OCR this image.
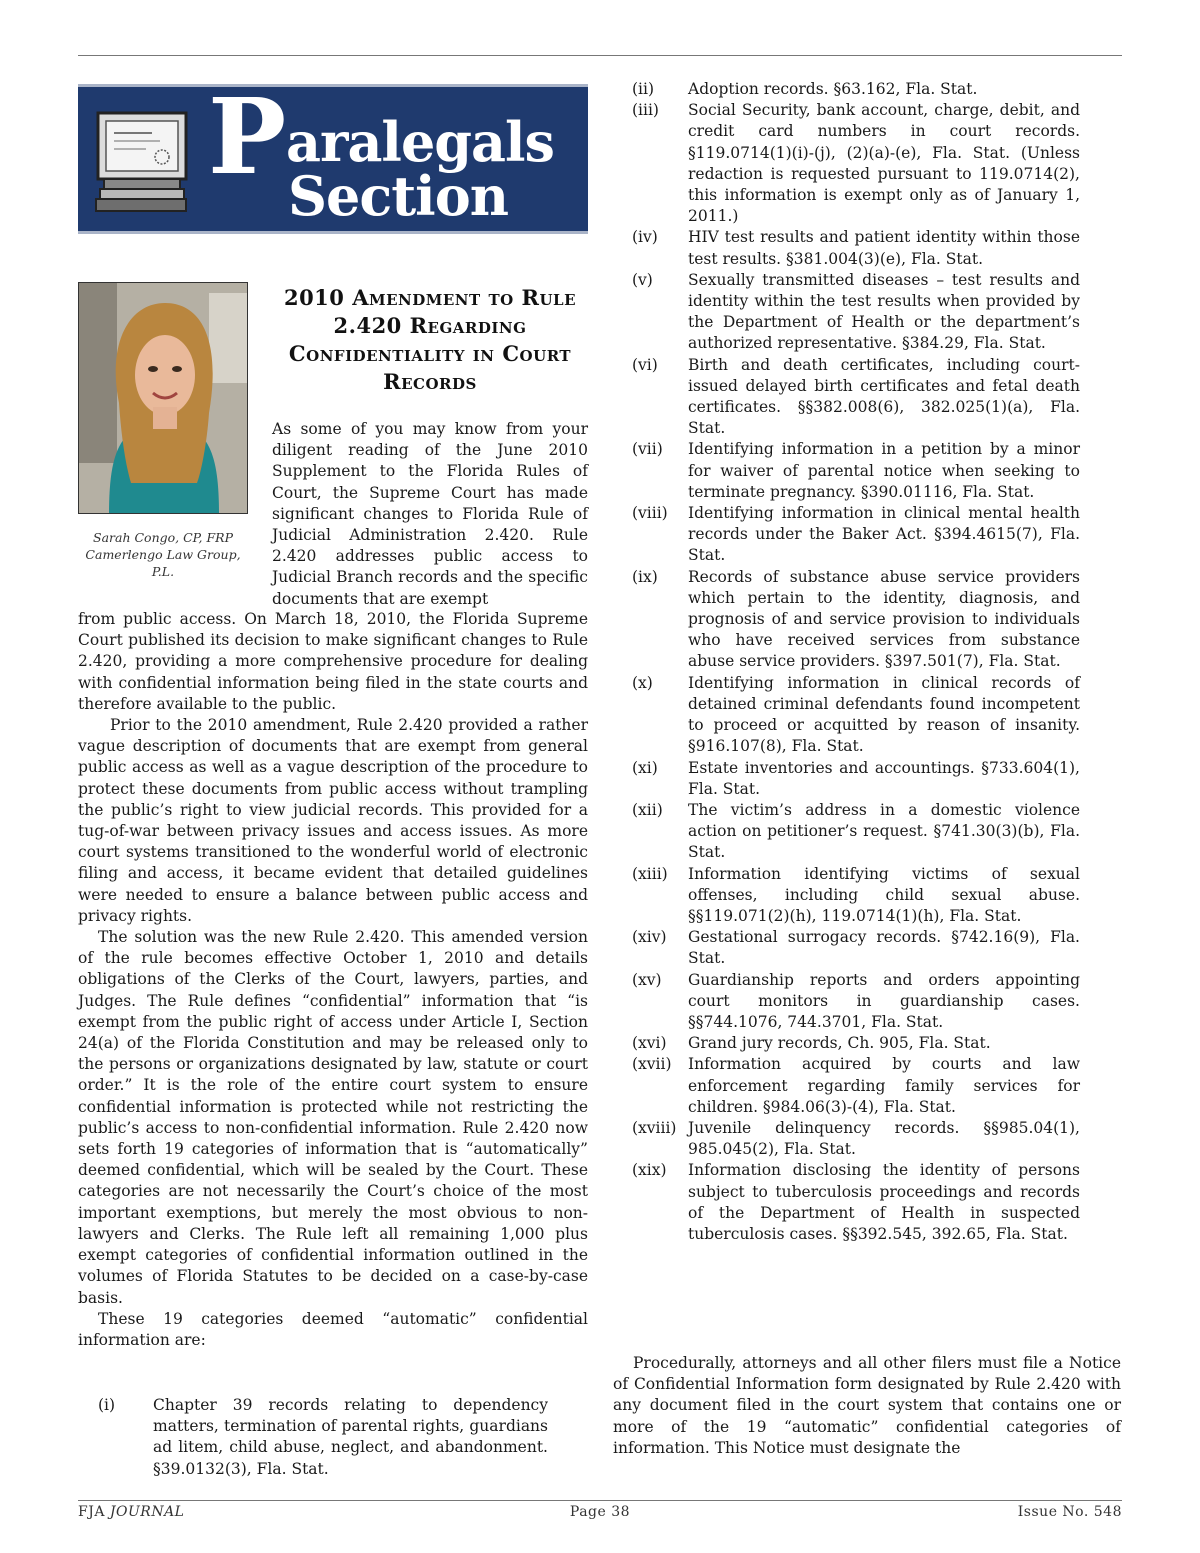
P aralegals
Section
Sarah Congo, CP, FRP
Camerlengo Law Group, P.L.
2010 Amendment to Rule
2.420 Regarding
Confidentiality in Court
Records

As some of you may know from your diligent reading of the June 2010 Supplement to the Florida Rules of Court, the Supreme Court has made significant changes to Florida Rule of Judicial Administration 2.420. Rule 2.420 addresses public access to Judicial Branch records and the specific documents that are exempt

from public access. On March 18, 2010, the Florida Supreme Court published its decision to make significant changes to Rule 2.420, providing a more comprehensive procedure for dealing with confidential information being filed in the state courts and therefore available to the public.

Prior to the 2010 amendment, Rule 2.420 provided a rather vague description of documents that are exempt from general public access as well as a vague description of the procedure to protect these documents from public access without trampling the public’s right to view judicial records. This provided for a tug-of-war between privacy issues and access issues. As more court systems transitioned to the wonderful world of electronic filing and access, it became evident that detailed guidelines were needed to ensure a balance between public access and privacy rights.

The solution was the new Rule 2.420. This amended version of the rule becomes effective October 1, 2010 and details obligations of the Clerks of the Court, lawyers, parties, and Judges. The Rule defines “confidential” information that “is exempt from the public right of access under Article I, Section 24(a) of the Florida Constitution and may be released only to the persons or organizations designated by law, statute or court order.” It is the role of the entire court system to ensure confidential information is protected while not restricting the public’s access to non-confidential information. Rule 2.420 now sets forth 19 categories of information that is “automatically” deemed confidential, which will be sealed by the Court. These categories are not necessarily the Court’s choice of the most important exemptions, but merely the most obvious to non-lawyers and Clerks. The Rule left all remaining 1,000 plus exempt categories of confidential information outlined in the volumes of Florida Statutes to be decided on a case-by-case basis.

These 19 categories deemed “automatic” confidential information are:

(i) Chapter 39 records relating to dependency matters, termination of parental rights, guardians ad litem, child abuse, neglect, and abandonment. §39.0132(3), Fla. Stat.
(ii) Adoption records. §63.162, Fla. Stat.
(iii) Social Security, bank account, charge, debit, and credit card numbers in court records. §119.0714(1)(i)-(j), (2)(a)-(e), Fla. Stat. (Unless redaction is requested pursuant to 119.0714(2), this information is exempt only as of January 1, 2011.)
(iv) HIV test results and patient identity within those test results. §381.004(3)(e), Fla. Stat.
(v) Sexually transmitted diseases – test results and identity within the test results when provided by the Department of Health or the department’s authorized representative. §384.29, Fla. Stat.
(vi) Birth and death certificates, including court-issued delayed birth certificates and fetal death certificates. §§382.008(6), 382.025(1)(a), Fla. Stat.
(vii) Identifying information in a petition by a minor for waiver of parental notice when seeking to terminate pregnancy. §390.01116, Fla. Stat.
(viii) Identifying information in clinical mental health records under the Baker Act. §394.4615(7), Fla. Stat.
(ix) Records of substance abuse service providers which pertain to the identity, diagnosis, and prognosis of and service provision to individuals who have received services from substance abuse service providers. §397.501(7), Fla. Stat.
(x) Identifying information in clinical records of detained criminal defendants found incompetent to proceed or acquitted by reason of insanity. §916.107(8), Fla. Stat.
(xi) Estate inventories and accountings. §733.604(1), Fla. Stat.
(xii) The victim’s address in a domestic violence action on petitioner’s request. §741.30(3)(b), Fla. Stat.
(xiii) Information identifying victims of sexual offenses, including child sexual abuse. §§119.071(2)(h), 119.0714(1)(h), Fla. Stat.
(xiv) Gestational surrogacy records. §742.16(9), Fla. Stat.
(xv) Guardianship reports and orders appointing court monitors in guardianship cases. §§744.1076, 744.3701, Fla. Stat.
(xvi) Grand jury records, Ch. 905, Fla. Stat.
(xvii) Information acquired by courts and law enforcement regarding family services for children. §984.06(3)-(4), Fla. Stat.
(xviii) Juvenile delinquency records. §§985.04(1), 985.045(2), Fla. Stat.
(xix) Information disclosing the identity of persons subject to tuberculosis proceedings and records of the Department of Health in suspected tuberculosis cases. §§392.545, 392.65, Fla. Stat.

Procedurally, attorneys and all other filers must file a Notice of Confidential Information form designated by Rule 2.420 with any document filed in the court system that contains one or more of the 19 “automatic” confidential categories of information. This Notice must designate the

FJA JOURNAL	Page 38	Issue No. 548
